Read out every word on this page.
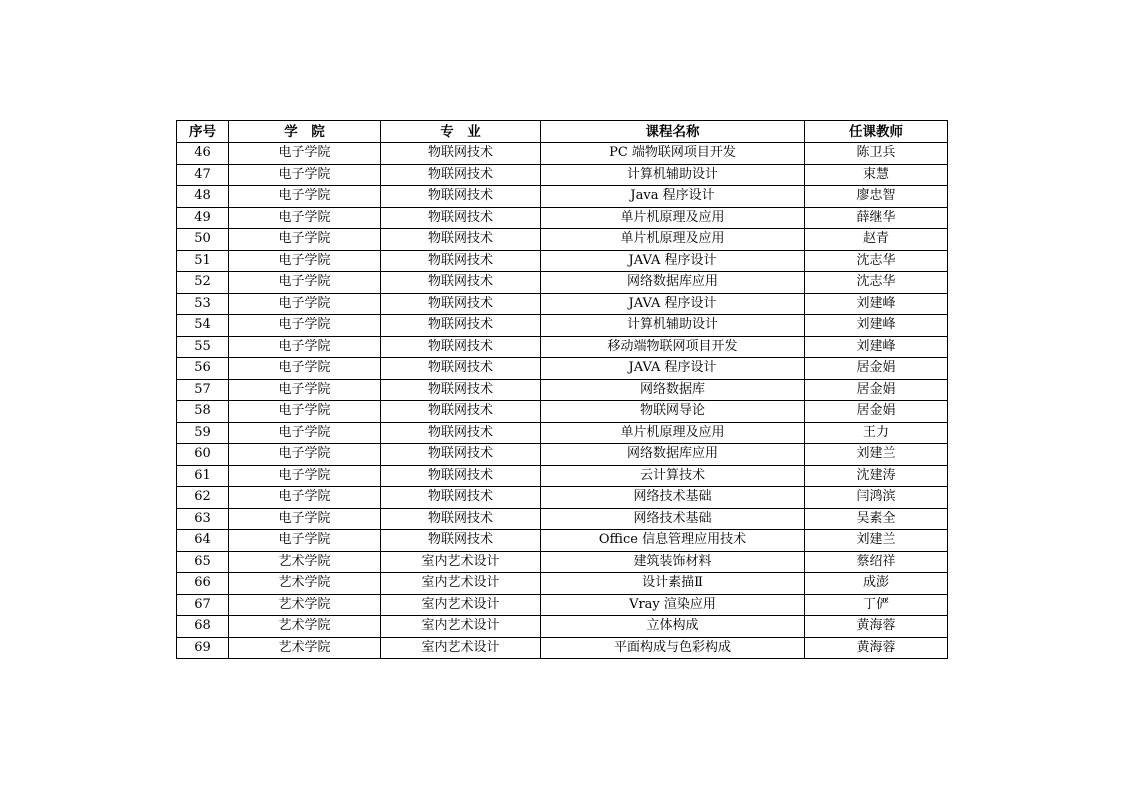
序号	学　院	专　业	课程名称	任课教师
46	电子学院	物联网技术	PC 端物联网项目开发	陈卫兵
47	电子学院	物联网技术	计算机辅助设计	束慧
48	电子学院	物联网技术	Java 程序设计	廖忠智
49	电子学院	物联网技术	单片机原理及应用	薛继华
50	电子学院	物联网技术	单片机原理及应用	赵青
51	电子学院	物联网技术	JAVA 程序设计	沈志华
52	电子学院	物联网技术	网络数据库应用	沈志华
53	电子学院	物联网技术	JAVA 程序设计	刘建峰
54	电子学院	物联网技术	计算机辅助设计	刘建峰
55	电子学院	物联网技术	移动端物联网项目开发	刘建峰
56	电子学院	物联网技术	JAVA 程序设计	居金娟
57	电子学院	物联网技术	网络数据库	居金娟
58	电子学院	物联网技术	物联网导论	居金娟
59	电子学院	物联网技术	单片机原理及应用	王力
60	电子学院	物联网技术	网络数据库应用	刘建兰
61	电子学院	物联网技术	云计算技术	沈建涛
62	电子学院	物联网技术	网络技术基础	闫鸿滨
63	电子学院	物联网技术	网络技术基础	吴素全
64	电子学院	物联网技术	Office 信息管理应用技术	刘建兰
65	艺术学院	室内艺术设计	建筑装饰材料	蔡绍祥
66	艺术学院	室内艺术设计	设计素描Ⅱ	成澎
67	艺术学院	室内艺术设计	Vray 渲染应用	丁俨
68	艺术学院	室内艺术设计	立体构成	黄海蓉
69	艺术学院	室内艺术设计	平面构成与色彩构成	黄海蓉
